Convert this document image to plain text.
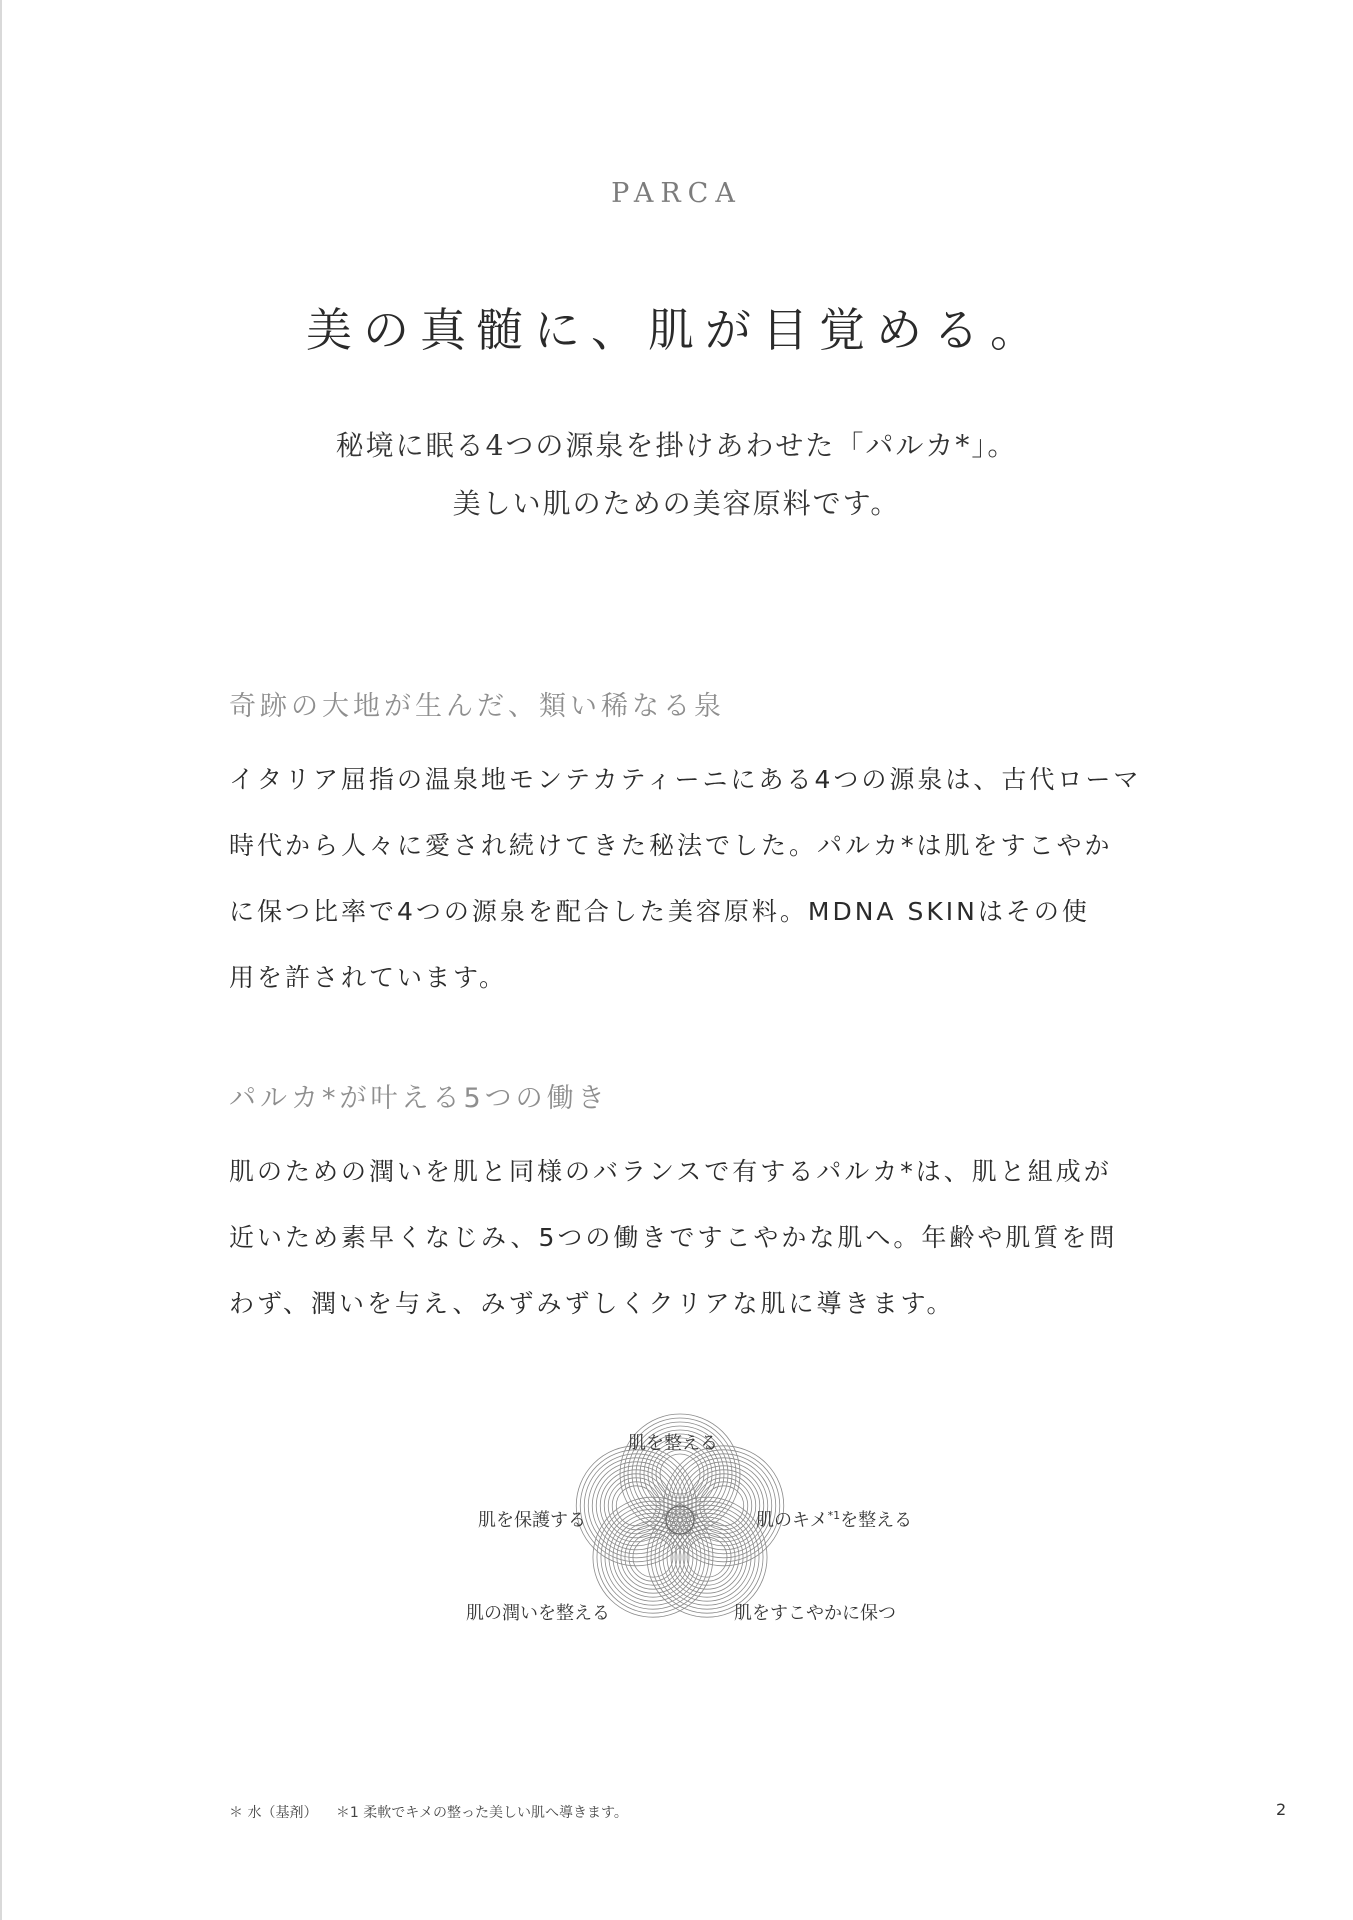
PARCA
美の真髄に、肌が目覚める。
秘境に眠る4つの源泉を掛けあわせた「パルカ*」。
美しい肌のための美容原料です。
奇跡の大地が生んだ、類い稀なる泉
イタリア屈指の温泉地モンテカティーニにある4つの源泉は、古代ローマ
時代から人々に愛され続けてきた秘法でした。パルカ*は肌をすこやか
に保つ比率で4つの源泉を配合した美容原料。MDNA SKINはその使
用を許されています。
パルカ*が叶える5つの働き
肌のための潤いを肌と同様のバランスで有するパルカ*は、肌と組成が
近いため素早くなじみ、5つの働きですこやかな肌へ。年齢や肌質を問
わず、潤いを与え、みずみずしくクリアな肌に導きます。
肌を整える
肌を保護する	肌のキメ$^{*1}$を整える
肌の潤いを整える	肌をすこやかに保つ
＊ 水（基剤） ＊1 柔軟でキメの整った美しい肌へ導きます。	2
